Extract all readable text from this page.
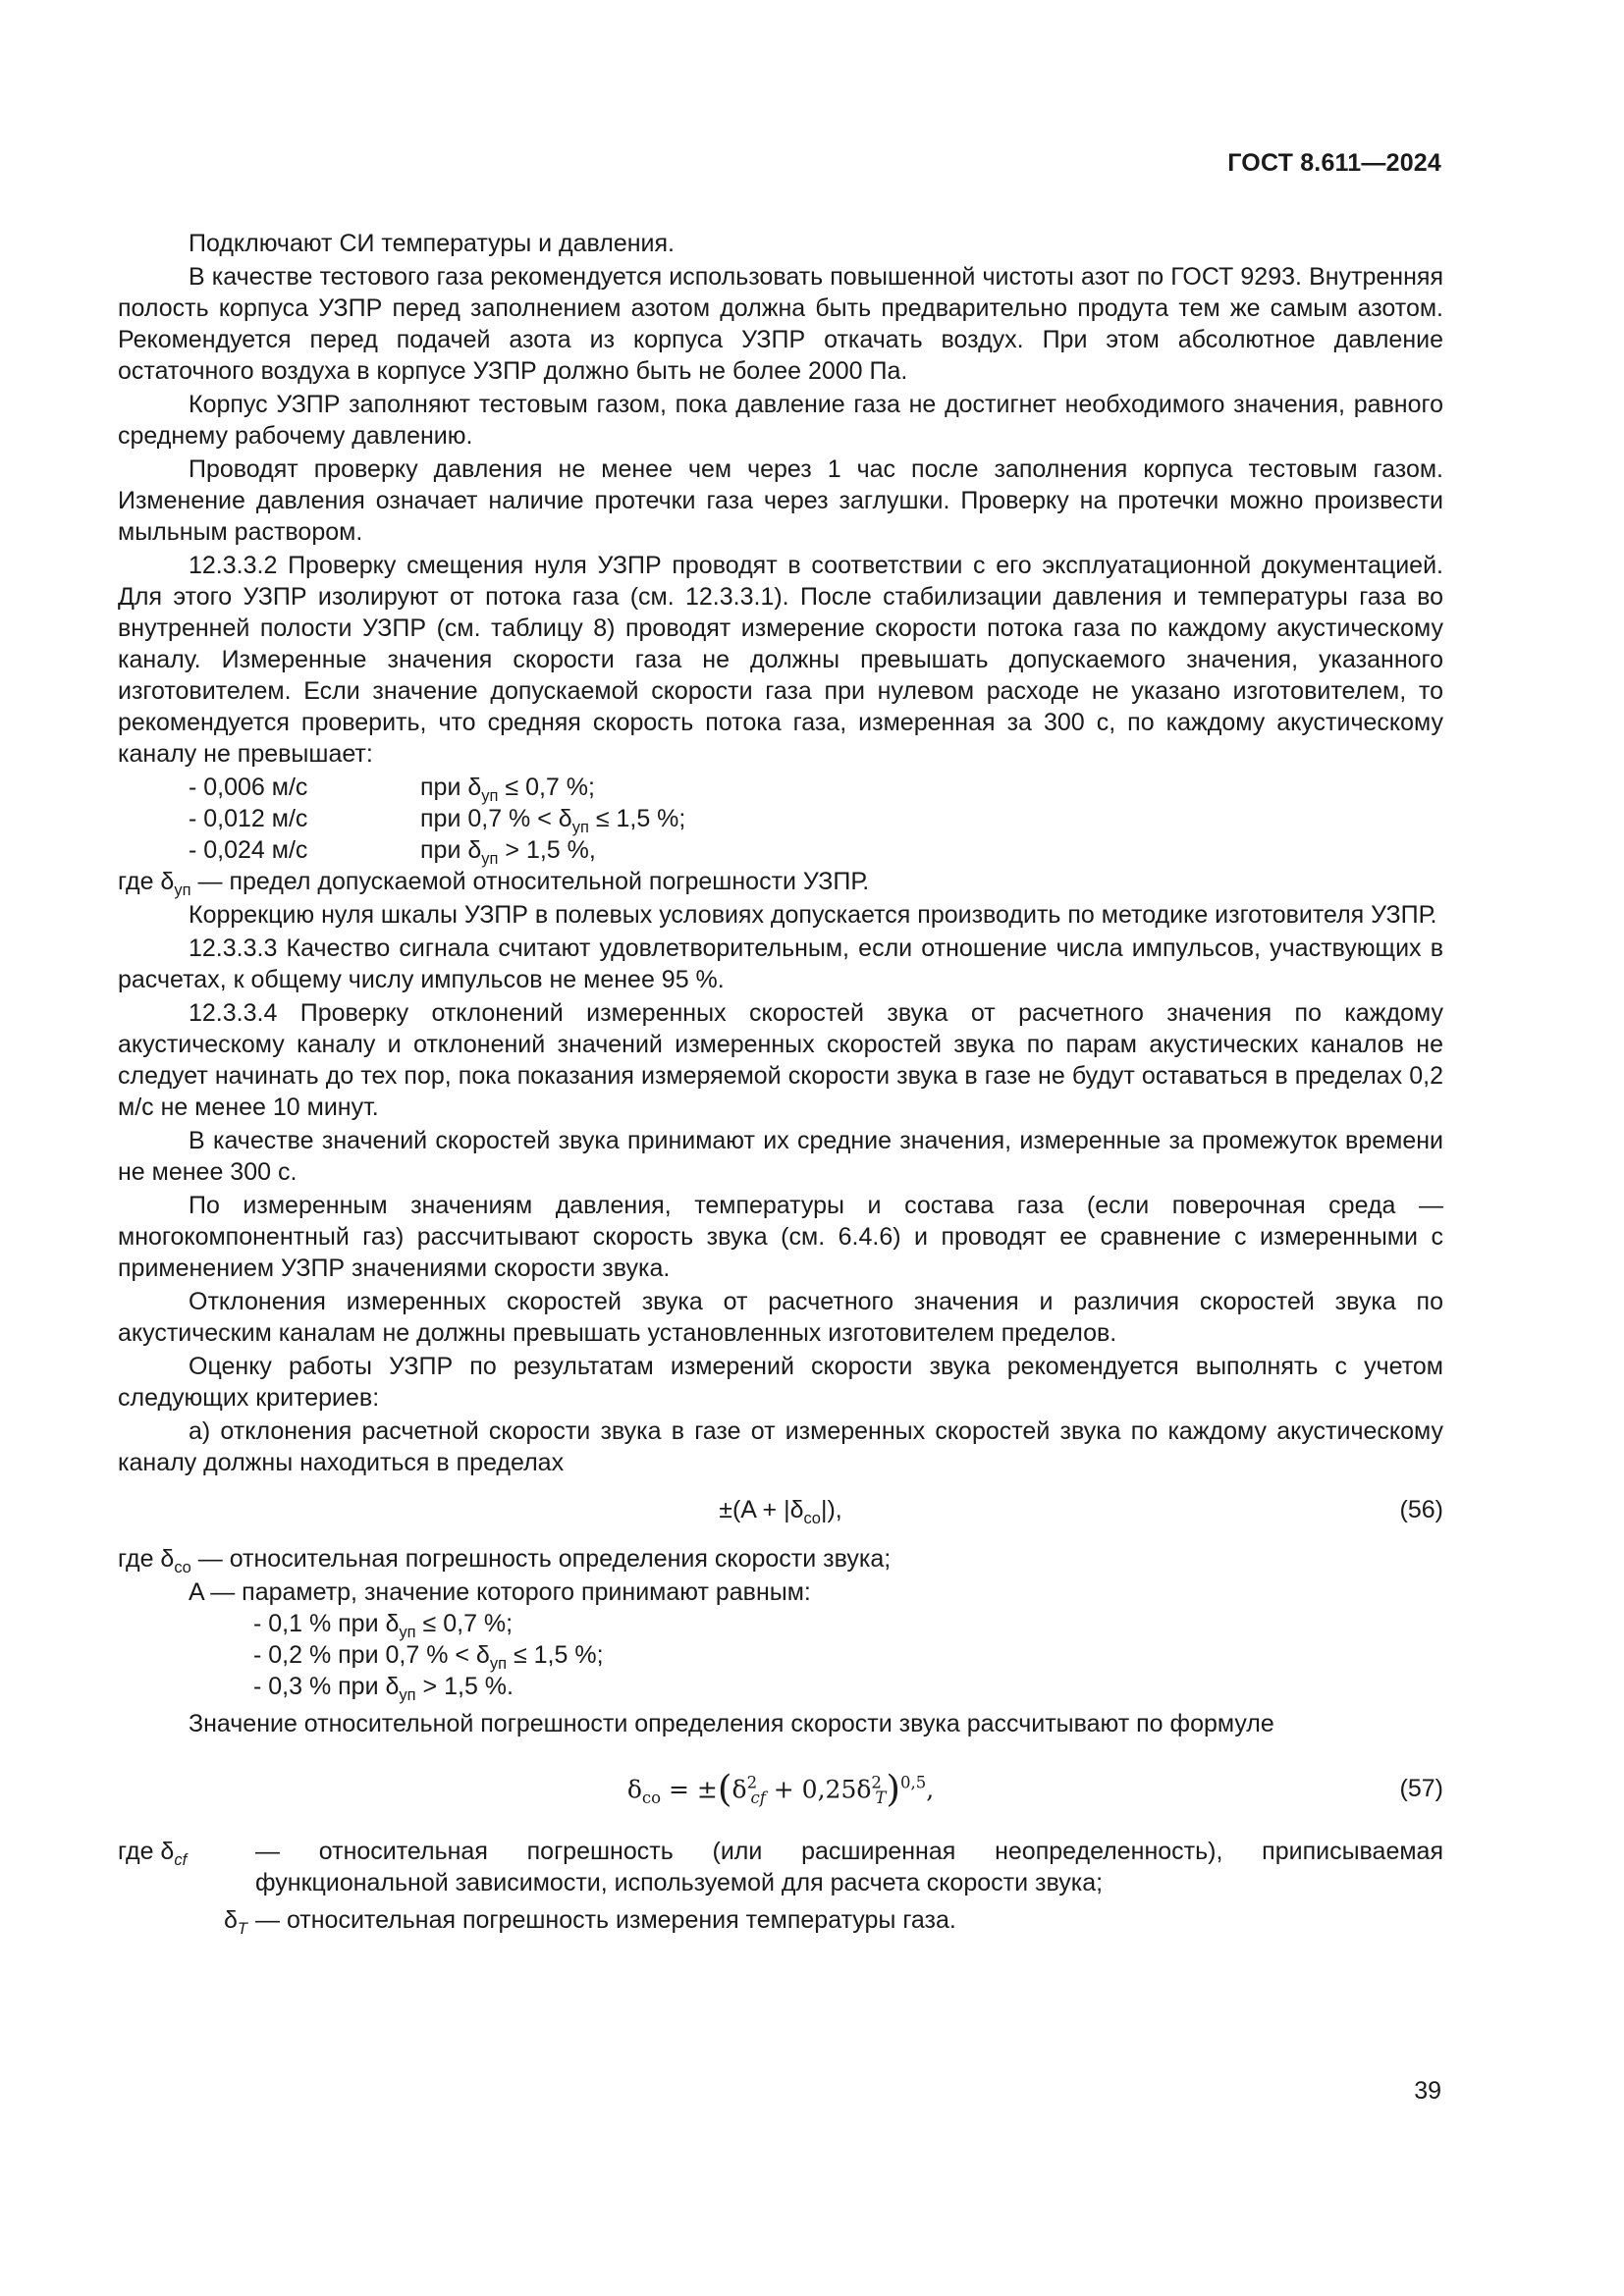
ГОСТ 8.611—2024

Подключают СИ температуры и давления.

В качестве тестового газа рекомендуется использовать повышенной чистоты азот по ГОСТ 9293. Внутренняя полость корпуса УЗПР перед заполнением азотом должна быть предварительно продута тем же самым азотом. Рекомендуется перед подачей азота из корпуса УЗПР откачать воздух. При этом абсолютное давление остаточного воздуха в корпусе УЗПР должно быть не более 2000 Па.

Корпус УЗПР заполняют тестовым газом, пока давление газа не достигнет необходимого значения, равного среднему рабочему давлению.

Проводят проверку давления не менее чем через 1 час после заполнения корпуса тестовым газом. Изменение давления означает наличие протечки газа через заглушки. Проверку на протечки можно произвести мыльным раствором.

12.3.3.2 Проверку смещения нуля УЗПР проводят в соответствии с его эксплуатационной документацией. Для этого УЗПР изолируют от потока газа (см. 12.3.3.1). После стабилизации давления и температуры газа во внутренней полости УЗПР (см. таблицу 8) проводят измерение скорости потока газа по каждому акустическому каналу. Измеренные значения скорости газа не должны превышать допускаемого значения, указанного изготовителем. Если значение допускаемой скорости газа при нулевом расходе не указано изготовителем, то рекомендуется проверить, что средняя скорость потока газа, измеренная за 300 с, по каждому акустическому каналу не превышает:

- 0,006 м/с	при $\delta_{уп} \le 0,7$ %;
- 0,012 м/с	при 0,7 % < $\delta_{уп} \le 1,5$ %;
- 0,024 м/с	при $\delta_{уп} > 1,5$ %,

где $\delta_{уп}$ — предел допускаемой относительной погрешности УЗПР.

Коррекцию нуля шкалы УЗПР в полевых условиях допускается производить по методике изготовителя УЗПР.

12.3.3.3 Качество сигнала считают удовлетворительным, если отношение числа импульсов, участвующих в расчетах, к общему числу импульсов не менее 95 %.

12.3.3.4 Проверку отклонений измеренных скоростей звука от расчетного значения по каждому акустическому каналу и отклонений значений измеренных скоростей звука по парам акустических каналов не следует начинать до тех пор, пока показания измеряемой скорости звука в газе не будут оставаться в пределах 0,2 м/с не менее 10 минут.

В качестве значений скоростей звука принимают их средние значения, измеренные за промежуток времени не менее 300 с.

По измеренным значениям давления, температуры и состава газа (если поверочная среда — многокомпонентный газ) рассчитывают скорость звука (см. 6.4.6) и проводят ее сравнение с измеренными с применением УЗПР значениями скорости звука.

Отклонения измеренных скоростей звука от расчетного значения и различия скоростей звука по акустическим каналам не должны превышать установленных изготовителем пределов.

Оценку работы УЗПР по результатам измерений скорости звука рекомендуется выполнять с учетом следующих критериев:

а) отклонения расчетной скорости звука в газе от измеренных скоростей звука по каждому акустическому каналу должны находиться в пределах

$\pm(A + |\delta_{co}|)$,	(56)

где $\delta_{co}$ — относительная погрешность определения скорости звука;

A — параметр, значение которого принимают равным:
- 0,1 % при $\delta_{уп} \le 0,7$ %;
- 0,2 % при 0,7 % < $\delta_{уп} \le 1,5$ %;
- 0,3 % при $\delta_{уп} > 1,5$ %.

Значение относительной погрешности определения скорости звука рассчитывают по формуле

$\delta_{co} = \pm(\delta^2_{cf} + 0,25\delta^2_T)^{0,5}$,	(57)
где $\delta_{cf}$	— относительная погрешность (или расширенная неопределенность), приписываемая функциональной зависимости, используемой для расчета скорости звука;
$\delta_T$ — относительная погрешность измерения температуры газа.
39
